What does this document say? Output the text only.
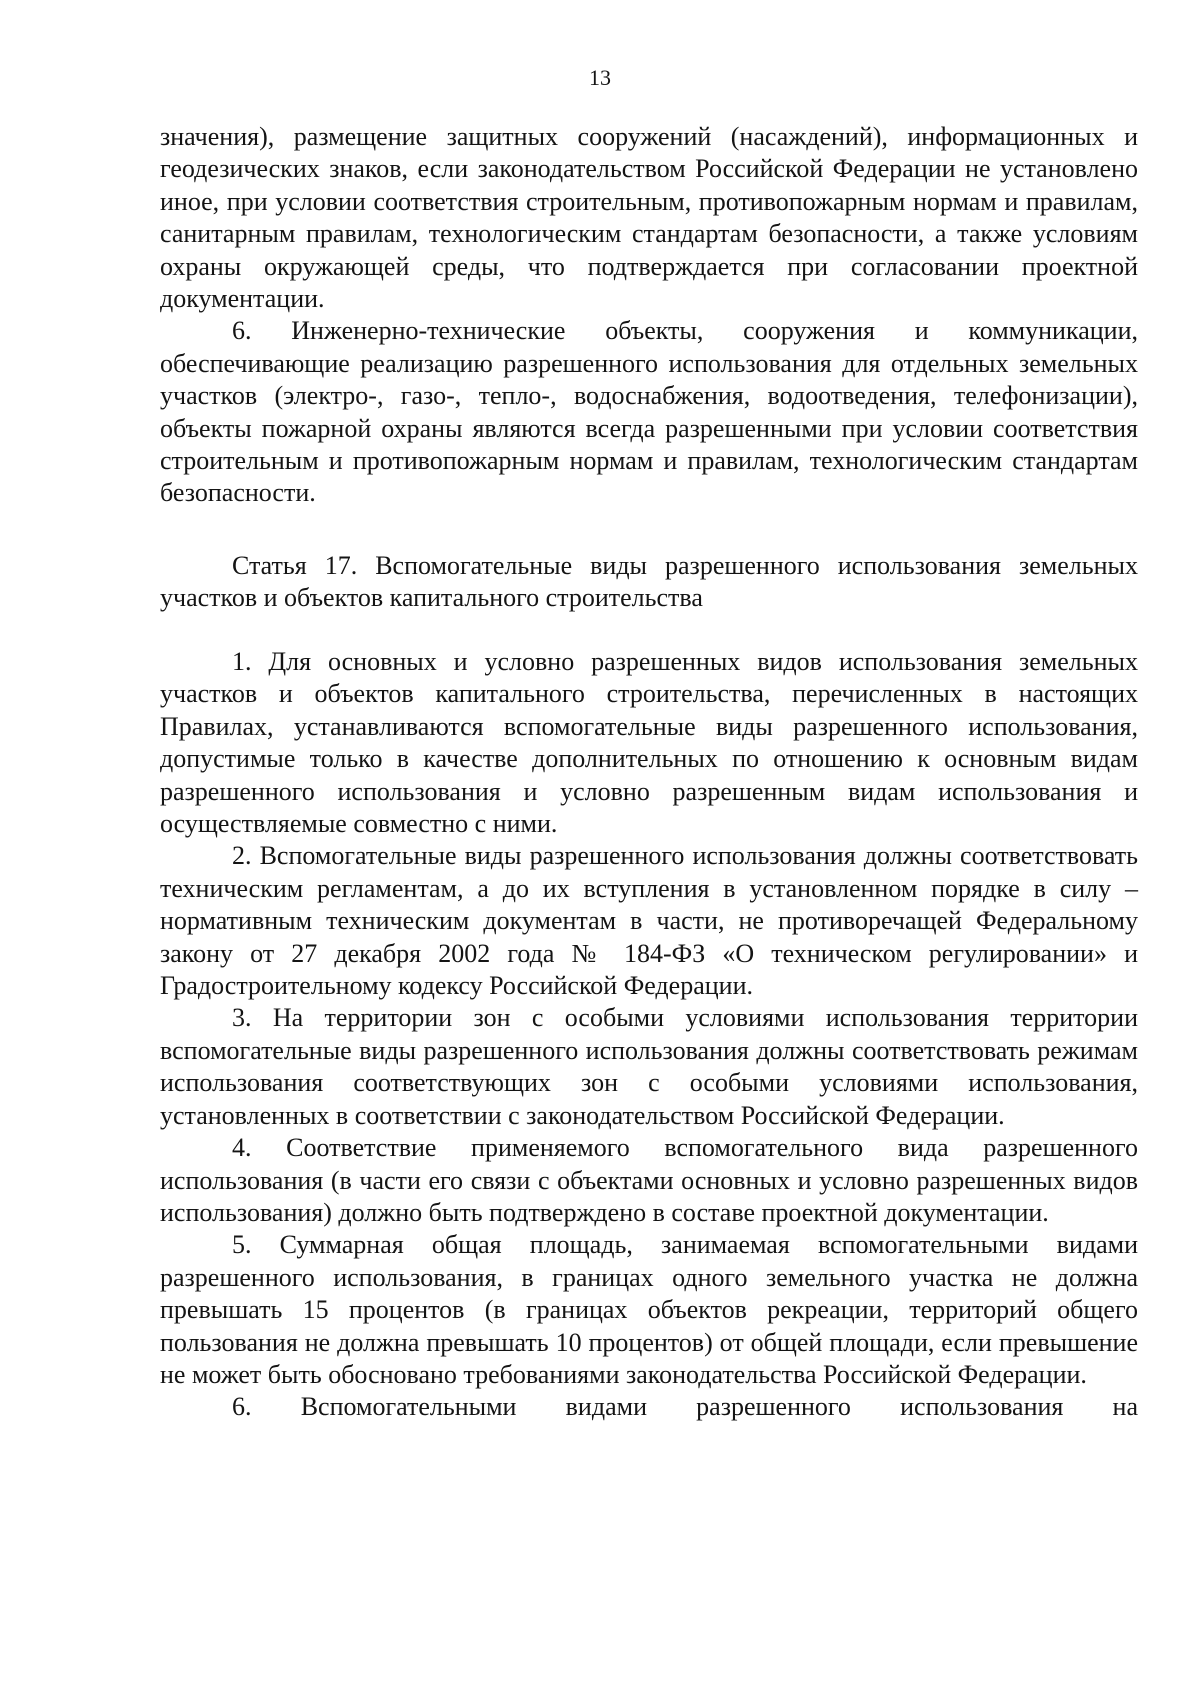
13

значения), размещение защитных сооружений (насаждений), информационных и геодезических знаков, если законодательством Российской Федерации не установлено иное, при условии соответствия строительным, противопожарным нормам и правилам, санитарным правилам, технологическим стандартам безопасности, а также условиям охраны окружающей среды, что подтверждается при согласовании проектной документации.

6. Инженерно-технические объекты, сооружения и коммуникации, обеспечивающие реализацию разрешенного использования для отдельных земельных участков (электро-, газо-, тепло-, водоснабжения, водоотведения, телефонизации), объекты пожарной охраны являются всегда разрешенными при условии соответствия строительным и противопожарным нормам и правилам, технологическим стандартам безопасности.

Статья 17. Вспомогательные виды разрешенного использования земельных участков и объектов капитального строительства

1. Для основных и условно разрешенных видов использования земельных участков и объектов капитального строительства, перечисленных в настоящих Правилах, устанавливаются вспомогательные виды разрешенного использования, допустимые только в качестве дополнительных по отношению к основным видам разрешенного использования и условно разрешенным видам использования и осуществляемые совместно с ними.

2. Вспомогательные виды разрешенного использования должны соответствовать техническим регламентам, а до их вступления в установленном порядке в силу – нормативным техническим документам в части, не противоречащей Федеральному закону от 27 декабря 2002 года № 184-ФЗ «О техническом регулировании» и Градостроительному кодексу Российской Федерации.

3. На территории зон с особыми условиями использования территории вспомогательные виды разрешенного использования должны соответствовать режимам использования соответствующих зон с особыми условиями использования, установленных в соответствии с законодательством Российской Федерации.

4. Соответствие применяемого вспомогательного вида разрешенного использования (в части его связи с объектами основных и условно разрешенных видов использования) должно быть подтверждено в составе проектной документации.

5. Суммарная общая площадь, занимаемая вспомогательными видами разрешенного использования, в границах одного земельного участка не должна превышать 15 процентов (в границах объектов рекреации, территорий общего пользования не должна превышать 10 процентов) от общей площади, если превышение не может быть обосновано требованиями законодательства Российской Федерации.

6. Вспомогательными видами разрешенного использования на
